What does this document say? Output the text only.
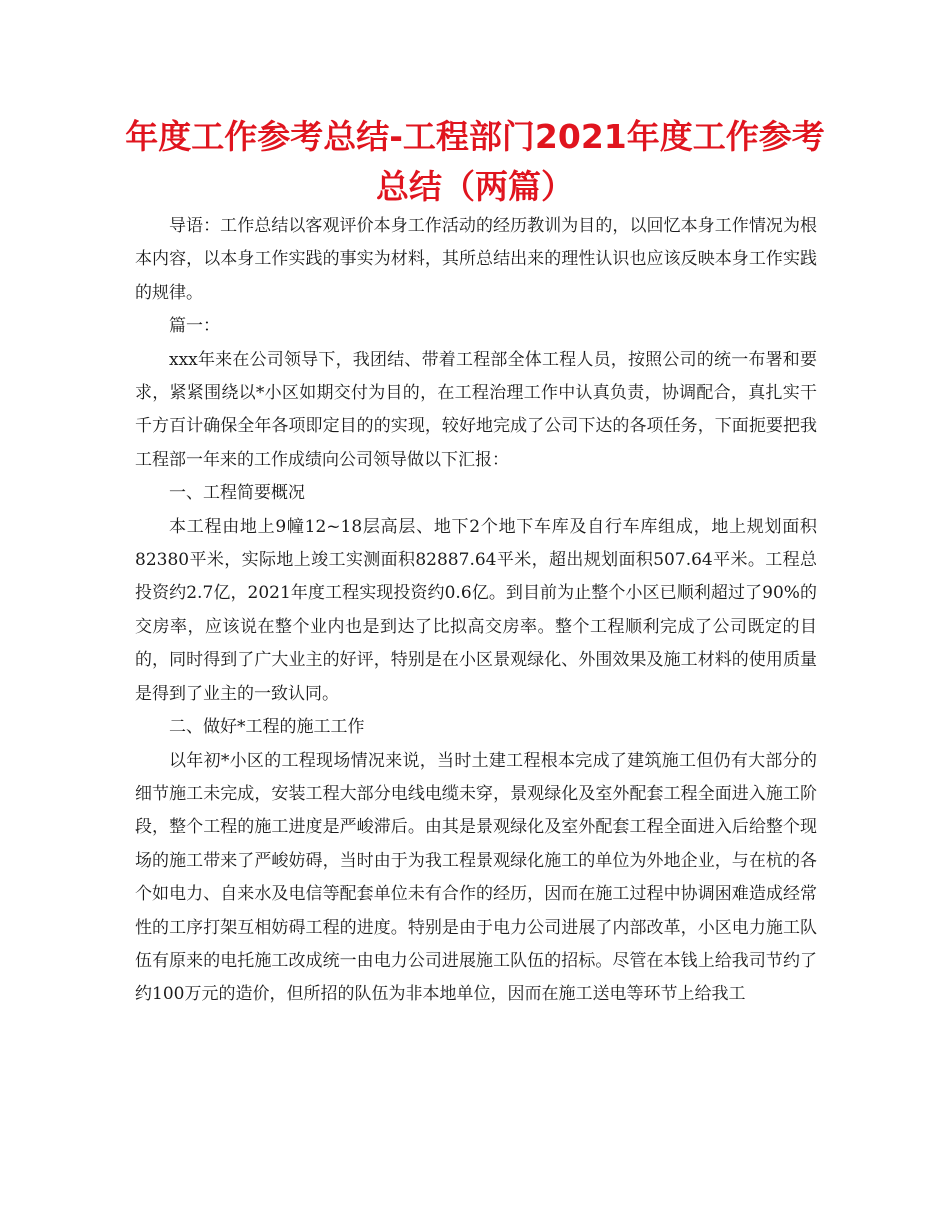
年度工作参考总结-工程部门2021年度工作参考
总结（两篇）

导语：工作总结以客观评价本身工作活动的经历教训为目的，以回忆本身工作情况为根本内容，以本身工作实践的事实为材料，其所总结出来的理性认识也应该反映本身工作实践的规律。

篇一：

xxx年来在公司领导下，我团结、带着工程部全体工程人员，按照公司的统一布署和要求，紧紧围绕以*小区如期交付为目的，在工程治理工作中认真负责，协调配合，真扎实干千方百计确保全年各项即定目的的实现，较好地完成了公司下达的各项任务，下面扼要把我工程部一年来的工作成绩向公司领导做以下汇报：

一、工程简要概况

本工程由地上9幢12~18层高层、地下2个地下车库及自行车库组成，地上规划面积82380平米，实际地上竣工实测面积82887.64平米，超出规划面积507.64平米。工程总投资约2.7亿，2021年度工程实现投资约0.6亿。到目前为止整个小区已顺利超过了90%的交房率，应该说在整个业内也是到达了比拟高交房率。整个工程顺利完成了公司既定的目的，同时得到了广大业主的好评，特别是在小区景观绿化、外围效果及施工材料的使用质量是得到了业主的一致认同。

二、做好*工程的施工工作

以年初*小区的工程现场情况来说，当时土建工程根本完成了建筑施工但仍有大部分的细节施工未完成，安装工程大部分电线电缆未穿，景观绿化及室外配套工程全面进入施工阶段，整个工程的施工进度是严峻滞后。由其是景观绿化及室外配套工程全面进入后给整个现场的施工带来了严峻妨碍，当时由于为我工程景观绿化施工的单位为外地企业，与在杭的各个如电力、自来水及电信等配套单位未有合作的经历，因而在施工过程中协调困难造成经常性的工序打架互相妨碍工程的进度。特别是由于电力公司进展了内部改革，小区电力施工队伍有原来的电托施工改成统一由电力公司进展施工队伍的招标。尽管在本钱上给我司节约了约100万元的造价，但所招的队伍为非本地单位，因而在施工送电等环节上给我工
